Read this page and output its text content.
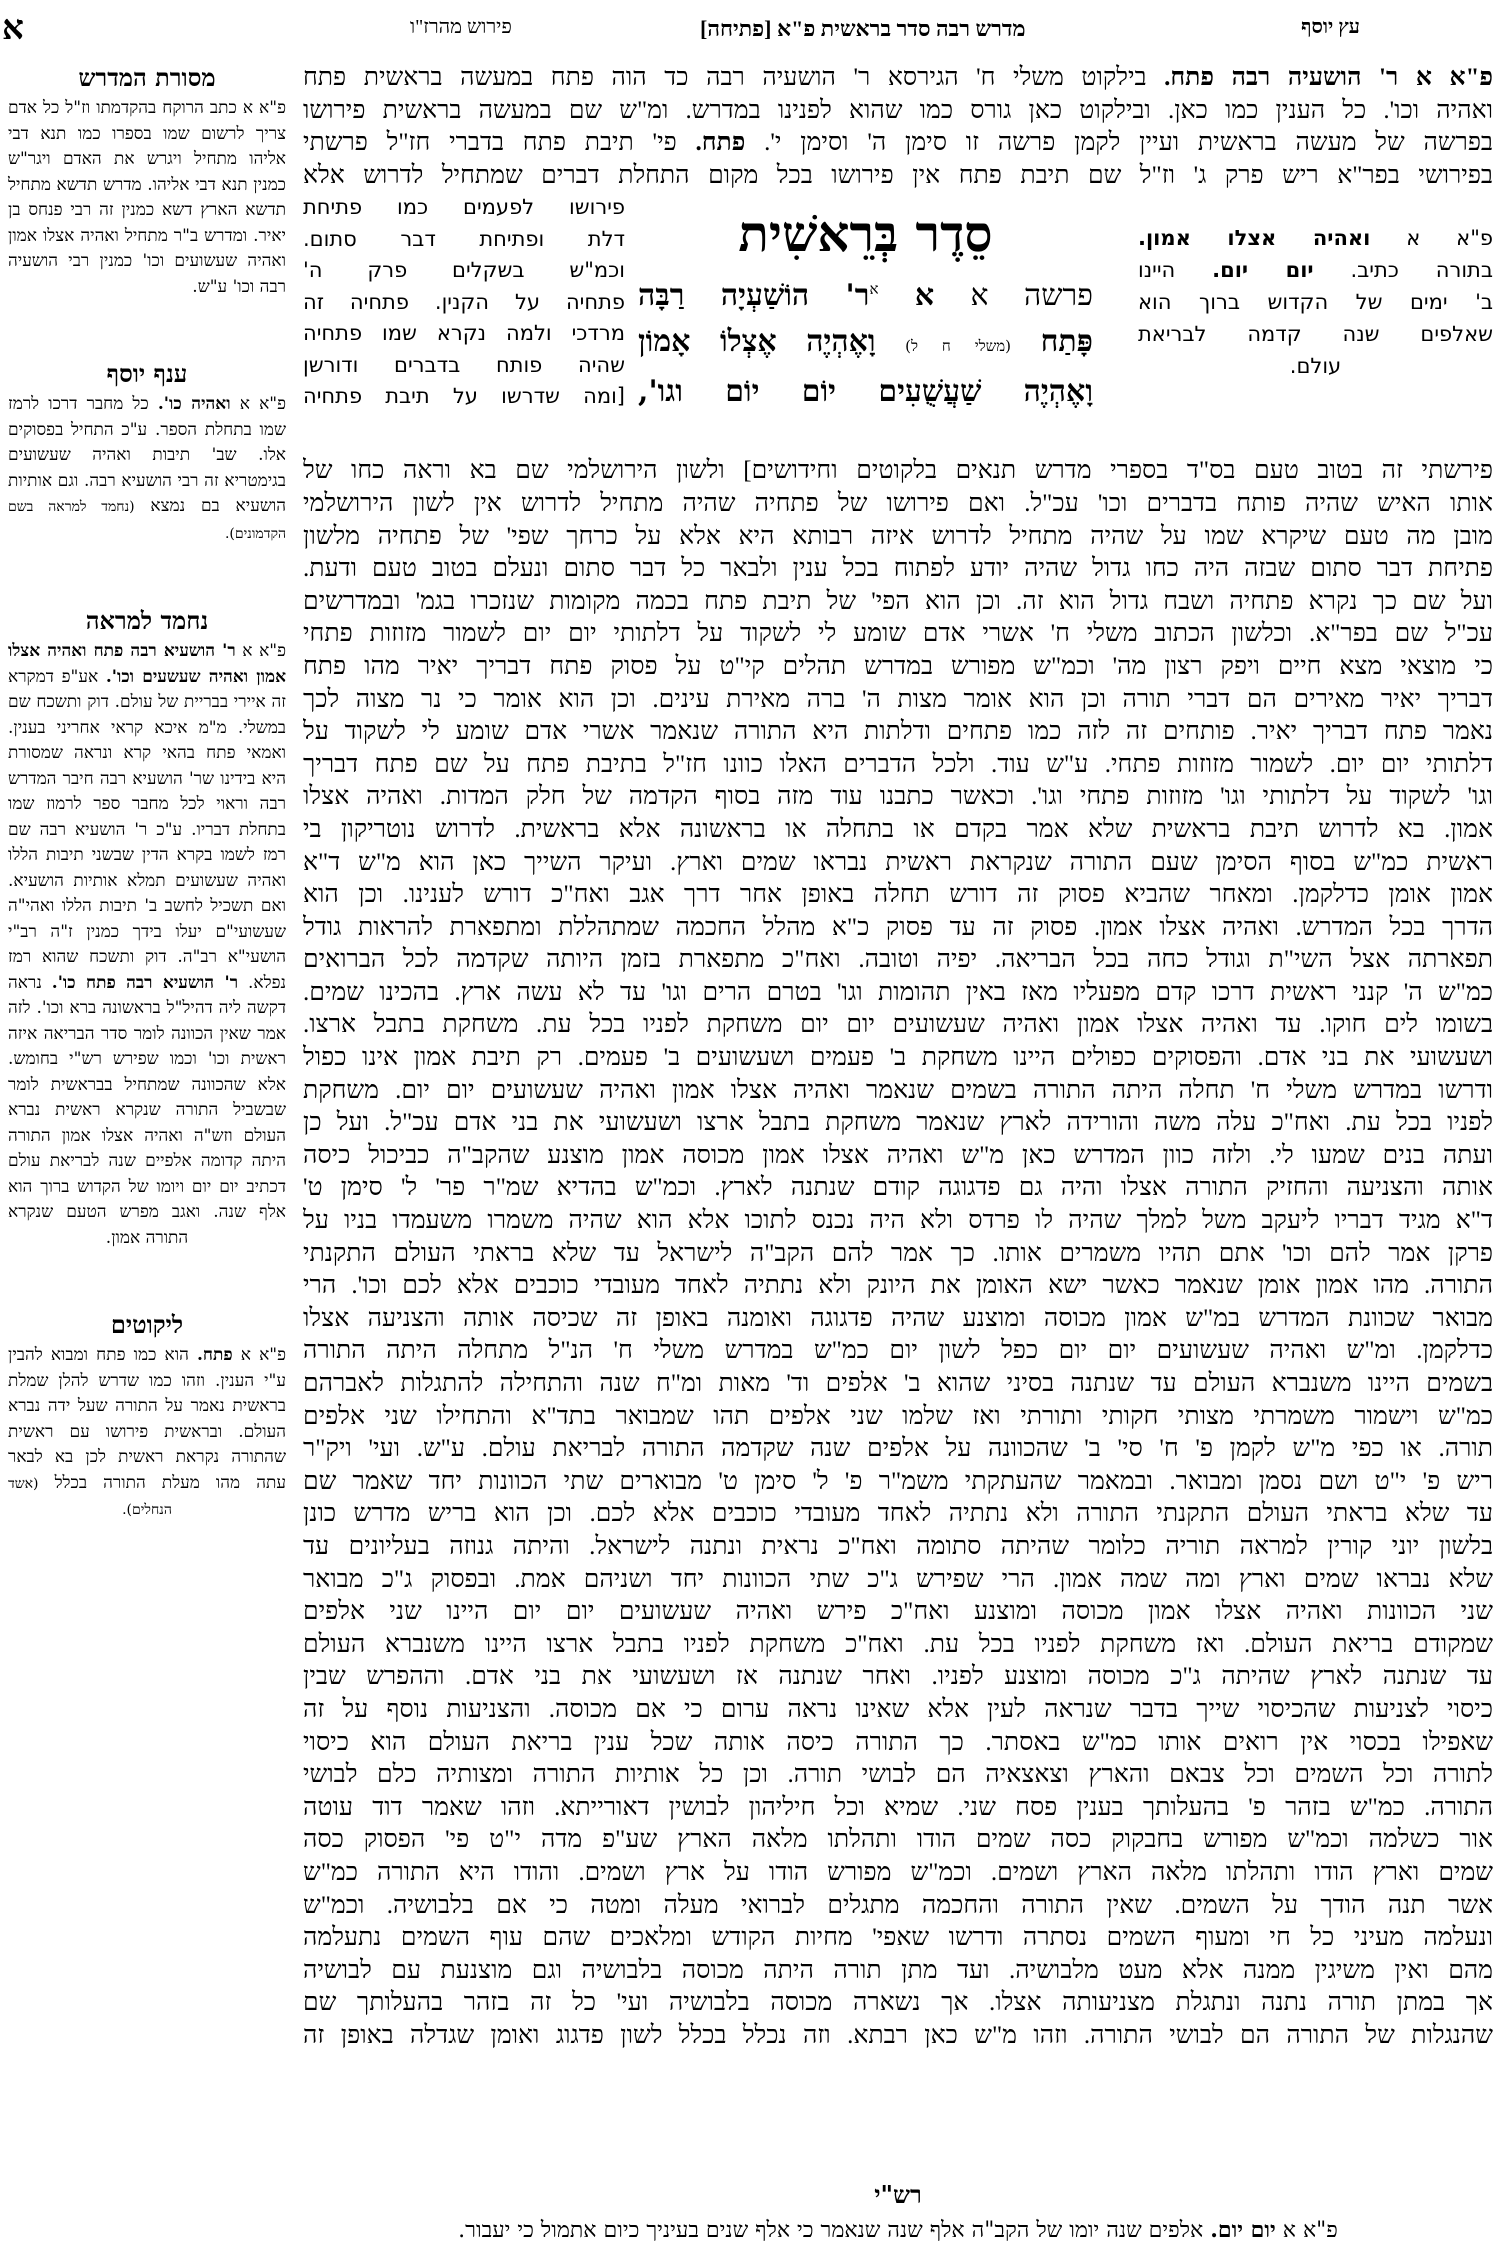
א	פירוש מהרז"ו	מדרש רבה סדר בראשית פ"א [פתיחה]	עץ יוסף
מסורת המדרש
פ"א א כתב הרוקח בהקדמתו וז"ל כל אדם צריך לרשום שמו בספרו כמו תנא דבי אליהו מתחיל ויגרש את האדם ויגר"ש כמנין תנא דבי אליהו. מדרש תדשא מתחיל תדשא הארץ דשא כמנין זה רבי פנחס בן יאיר. ומדרש ב"ר מתחיל ואהיה אצלו אמון ואהיה שעשועים וכו' כמנין רבי הושעיה רבה וכו' ע"ש.
ענף יוסף
פ"א א ואהיה כו'. כל מחבר דרכו לרמז שמו בתחלת הספר. ע"כ התחיל בפסוקים אלו. שב' תיבות ואהיה שעשועים בגימטריא זה רבי הושעיא רבה. וגם אותיות הושעיא בם נמצא (נחמד למראה בשם הקדמונים).
נחמד למראה
פ"א א ר' הושעיא רבה פתח ואהיה אצלו אמון ואהיה שעשעים וכו'. אע"פ דמקרא זה איירי בבריית של עולם. דוק ותשכח שם במשלי. מ"מ איכא קראי אחריני בענין. ואמאי פתח בהאי קרא ונראה שמסורת היא בידינו שר' הושעיא רבה חיבר המדרש רבה וראוי לכל מחבר ספר לרמוז שמו בתחלת דבריו. ע"כ ר' הושעיא רבה שם רמז לשמו בקרא הדין שבשני תיבות הללו ואהיה שעשועים תמלא אותיות הושעיא. ואם תשכיל לחשב ב' תיבות הללו ואהי"ה שעשועי"ם יעלו בידך כמנין ז"ה רב"י הושעי"א רב"ה. דוק ותשכח שהוא רמז נפלא. ר' הושעיא רבה פתח כו'. נראה דקשה ליה דהיל"ל בראשונה ברא וכו'. לזה אמר שאין הכוונה לומר סדר הבריאה איזה ראשית וכו' וכמו שפירש רש"י בחומש. אלא שהכוונה שמתחיל בבראשית לומר שבשביל התורה שנקרא ראשית נברא העולם וזש"ה ואהיה אצלו אמון התורה היתה קדומה אלפיים שנה לבריאת עולם דכתיב יום יום ויומו של הקדוש ברוך הוא אלף שנה. ואגב מפרש הטעם שנקרא התורה אמון.
ליקוטים
פ"א א פתח. הוא כמו פתח ומבוא להבין ע"י הענין. וזהו כמו שדרש להלן שמלת בראשית נאמר על התורה שעל ידה נברא העולם. ובראשית פירושו עם ראשית שהתורה נקראת ראשית לכן בא לבאר עתה מהו מעלת התורה בכלל (אשד הנחלים).
פ"א א ר' הושעיה רבה פתח. בילקוט משלי ח' הגירסא ר' הושעיה רבה כד הוה פתח במעשה בראשית פתח
ואהיה וכו'. כל הענין כמו כאן. ובילקוט כאן גורס כמו שהוא לפנינו במדרש. ומ"ש שם במעשה בראשית פירושו
בפרשה של מעשה בראשית ועיין לקמן פרשה זו סימן ה' וסימן י'. פתח. פי' תיבת פתח בדברי חז"ל פרשתי
בפירושי בפר"א ריש פרק ג' וז"ל שם תיבת פתח אין פירושו בכל מקום התחלת דברים שמתחיל לדרוש אלא
פ"א א ואהיה אצלו אמון.
בתורה כתיב. יום יום. היינו
ב' ימים של הקדוש ברוך הוא
שאלפים שנה קדמה לבריאת
עולם.
סֵדֶר בְּרֵאשִׁית
פרשה א א $^א$ר' הוֹשַׁעְיָה רַבָּה
פָּתַח (משלי ח ל) וָאֶהְיֶה אֶצְלוֹ אָמוֹן
וָאֶהְיֶה שַׁעֲשֻׁעִים יוֹם יוֹם וגו',
פירושו לפעמים כמו פתיחת
דלת ופתיחת דבר סתום.
וכמ"ש בשקלים פרק ה'
פתחיה על הקנין. פתחיה זה
מרדכי ולמה נקרא שמו פתחיה
שהיה פותח בדברים ודורשן
[ומה שדרשו על תיבת פתחיה
פירשתי זה בטוב טעם בס"ד בספרי מדרש תנאים בלקוטים וחידושים] ולשון הירושלמי שם בא וראה כחו של
אותו האיש שהיה פותח בדברים וכו' עכ"ל. ואם פירושו של פתחיה שהיה מתחיל לדרוש אין לשון הירושלמי
מובן מה טעם שיקרא שמו על שהיה מתחיל לדרוש איזה רבותא היא אלא על כרחך שפי' של פתחיה מלשון
פתיחת דבר סתום שבזה היה כחו גדול שהיה יודע לפתוח בכל ענין ולבאר כל דבר סתום ונעלם בטוב טעם ודעת.
ועל שם כך נקרא פתחיה ושבח גדול הוא זה. וכן הוא הפי' של תיבת פתח בכמה מקומות שנזכרו בגמ' ובמדרשים
עכ"ל שם בפר"א. וכלשון הכתוב משלי ח' אשרי אדם שומע לי לשקוד על דלתותי יום יום לשמור מזוזות פתחי
כי מוצאי מצא חיים ויפק רצון מה' וכמ"ש מפורש במדרש תהלים קי"ט על פסוק פתח דבריך יאיר מהו פתח
דבריך יאיר מאירים הם דברי תורה וכן הוא אומר מצות ה' ברה מאירת עינים. וכן הוא אומר כי נר מצוה לכך
נאמר פתח דבריך יאיר. פותחים זה לזה כמו פתחים ודלתות היא התורה שנאמר אשרי אדם שומע לי לשקוד על
דלתותי יום יום. לשמור מזוזות פתחי. ע"ש עוד. ולכל הדברים האלו כוונו חז"ל בתיבת פתח על שם פתח דבריך
וגו' לשקוד על דלתותי וגו' מזוזות פתחי וגו'. וכאשר כתבנו עוד מזה בסוף הקדמה של חלק המדות. ואהיה אצלו
אמון. בא לדרוש תיבת בראשית שלא אמר בקדם או בתחלה או בראשונה אלא בראשית. לדרוש נוטריקון בי
ראשית כמ"ש בסוף הסימן שעם התורה שנקראת ראשית נבראו שמים וארץ. ועיקר השייך כאן הוא מ"ש ד"א
אמון אומן כדלקמן. ומאחר שהביא פסוק זה דורש תחלה באופן אחר דרך אגב ואח"כ דורש לענינו. וכן הוא
הדרך בכל המדרש. ואהיה אצלו אמון. פסוק זה עד פסוק כ"א מהלל החכמה שמתהללת ומתפארת להראות גודל
תפארתה אצל השי"ת וגודל כחה בכל הבריאה. יפיה וטובה. ואח"כ מתפארת בזמן היותה שקדמה לכל הברואים
כמ"ש ה' קנני ראשית דרכו קדם מפעליו מאז באין תהומות וגו' בטרם הרים וגו' עד לא עשה ארץ. בהכינו שמים.
בשומו לים חוקו. עד ואהיה אצלו אמון ואהיה שעשועים יום יום משחקת לפניו בכל עת. משחקת בתבל ארצו.
ושעשועי את בני אדם. והפסוקים כפולים היינו משחקת ב' פעמים ושעשועים ב' פעמים. רק תיבת אמון אינו כפול
ודרשו במדרש משלי ח' תחלה היתה התורה בשמים שנאמר ואהיה אצלו אמון ואהיה שעשועים יום יום. משחקת
לפניו בכל עת. ואח"כ עלה משה והורידה לארץ שנאמר משחקת בתבל ארצו ושעשועי את בני אדם עכ"ל. ועל כן
ועתה בנים שמעו לי. ולזה כוון המדרש כאן מ"ש ואהיה אצלו אמון מכוסה אמון מוצנע שהקב"ה כביכול כיסה
אותה והצניעה והחזיק התורה אצלו והיה גם פדגוגה קודם שנתנה לארץ. וכמ"ש בהדיא שמ"ר פר' ל' סימן ט'
ד"א מגיד דבריו ליעקב משל למלך שהיה לו פרדס ולא היה נכנס לתוכו אלא הוא שהיה משמרו משעמדו בניו על
פרקן אמר להם וכו' אתם תהיו משמרים אותו. כך אמר להם הקב"ה לישראל עד שלא בראתי העולם התקנתי
התורה. מהו אמון אומן שנאמר כאשר ישא האומן את היונק ולא נתתיה לאחד מעובדי כוכבים אלא לכם וכו'. הרי
מבואר שכוונת המדרש במ"ש אמון מכוסה ומוצנע שהיה פדגוגה ואומנה באופן זה שכיסה אותה והצניעה אצלו
כדלקמן. ומ"ש ואהיה שעשועים יום יום כפל לשון יום כמ"ש במדרש משלי ח' הנ"ל מתחלה היתה התורה
בשמים היינו משנברא העולם עד שנתנה בסיני שהוא ב' אלפים וד' מאות ומ"ח שנה והתחילה להתגלות לאברהם
כמ"ש וישמור משמרתי מצותי חקותי ותורתי ואז שלמו שני אלפים תהו שמבואר בתד"א והתחילו שני אלפים
תורה. או כפי מ"ש לקמן פ' ח' סי' ב' שהכוונה על אלפים שנה שקדמה התורה לבריאת עולם. ע"ש. ועי' ויק"ר
ריש פ' י"ט ושם נסמן ומבואר. ובמאמר שהעתקתי משמ"ר פ' ל' סימן ט' מבוארים שתי הכוונות יחד שאמר שם
עד שלא בראתי העולם התקנתי התורה ולא נתתיה לאחד מעובדי כוכבים אלא לכם. וכן הוא בריש מדרש כונן
בלשון יוני קורין למראה תוריה כלומר שהיתה סתומה ואח"כ נראית ונתנה לישראל. והיתה גנוזה בעליונים עד
שלא נבראו שמים וארץ ומה שמה אמון. הרי שפירש ג"כ שתי הכוונות יחד ושניהם אמת. ובפסוק ג"כ מבואר
שני הכוונות ואהיה אצלו אמון מכוסה ומוצנע ואח"כ פירש ואהיה שעשועים יום יום היינו שני אלפים
שמקודם בריאת העולם. ואז משחקת לפניו בכל עת. ואח"כ משחקת לפניו בתבל ארצו היינו משנברא העולם
עד שנתנה לארץ שהיתה ג"כ מכוסה ומוצנע לפניו. ואחר שנתנה אז ושעשועי את בני אדם. וההפרש שבין
כיסוי לצניעות שהכיסוי שייך בדבר שנראה לעין אלא שאינו נראה ערום כי אם מכוסה. והצניעות נוסף על זה
שאפילו בכסוי אין רואים אותו כמ"ש באסתר. כך התורה כיסה אותה שכל ענין בריאת העולם הוא כיסוי
לתורה וכל השמים וכל צבאם והארץ וצאצאיה הם לבושי תורה. וכן כל אותיות התורה ומצותיה כלם לבושי
התורה. כמ"ש בזהר פ' בהעלותך בענין פסח שני. שמיא וכל חיליהון לבושין דאורייתא. וזהו שאמר דוד עוטה
אור כשלמה וכמ"ש מפורש בחבקוק כסה שמים הודו ותהלתו מלאה הארץ שע"פ מדה י"ט פי' הפסוק כסה
שמים וארץ הודו ותהלתו מלאה הארץ ושמים. וכמ"ש מפורש הודו על ארץ ושמים. והודו היא התורה כמ"ש
אשר תנה הודך על השמים. שאין התורה והחכמה מתגלים לברואי מעלה ומטה כי אם בלבושיה. וכמ"ש
ונעלמה מעיני כל חי ומעוף השמים נסתרה ודרשו שאפי' מחיות הקודש ומלאכים שהם עוף השמים נתעלמה
מהם ואין משיגין ממנה אלא מעט מלבושיה. ועד מתן תורה היתה מכוסה בלבושיה וגם מוצנעת עם לבושיה
אך במתן תורה נתנה ונתגלת מצניעותה אצלו. אך נשארה מכוסה בלבושיה ועי' כל זה בזהר בהעלותך שם
שהנגלות של התורה הם לבושי התורה. וזהו מ"ש כאן רבתא. וזה נכלל בכלל לשון פדגוג ואומן שגדלה באופן זה
רש"י
פ"א א יום יום. אלפים שנה יומו של הקב"ה אלף שנה שנאמר כי אלף שנים בעיניך כיום אתמול כי יעבור.
